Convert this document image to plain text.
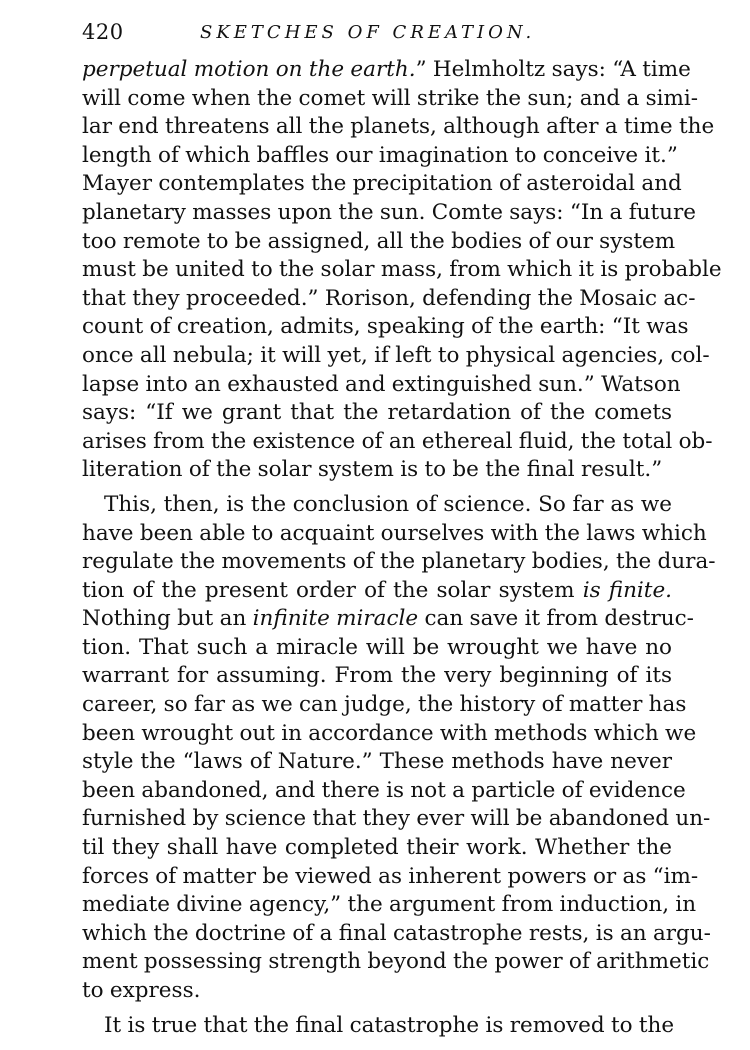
420	SKETCHES OF CREATION.
perpetual motion on the earth.” Helmholtz says: “A time
will come when the comet will strike the sun; and a simi-
lar end threatens all the planets, although after a time the
length of which baffles our imagination to conceive it.”
Mayer contemplates the precipitation of asteroidal and
planetary masses upon the sun. Comte says: “In a future
too remote to be assigned, all the bodies of our system
must be united to the solar mass, from which it is probable
that they proceeded.” Rorison, defending the Mosaic ac-
count of creation, admits, speaking of the earth: “It was
once all nebula; it will yet, if left to physical agencies, col-
lapse into an exhausted and extinguished sun.” Watson
says: “If we grant that the retardation of the comets
arises from the existence of an ethereal fluid, the total ob-
literation of the solar system is to be the final result.”
This, then, is the conclusion of science. So far as we
have been able to acquaint ourselves with the laws which
regulate the movements of the planetary bodies, the dura-
tion of the present order of the solar system is finite.
Nothing but an infinite miracle can save it from destruc-
tion. That such a miracle will be wrought we have no
warrant for assuming. From the very beginning of its
career, so far as we can judge, the history of matter has
been wrought out in accordance with methods which we
style the “laws of Nature.” These methods have never
been abandoned, and there is not a particle of evidence
furnished by science that they ever will be abandoned un-
til they shall have completed their work. Whether the
forces of matter be viewed as inherent powers or as “im-
mediate divine agency,” the argument from induction, in
which the doctrine of a final catastrophe rests, is an argu-
ment possessing strength beyond the power of arithmetic
to express.
It is true that the final catastrophe is removed to the
